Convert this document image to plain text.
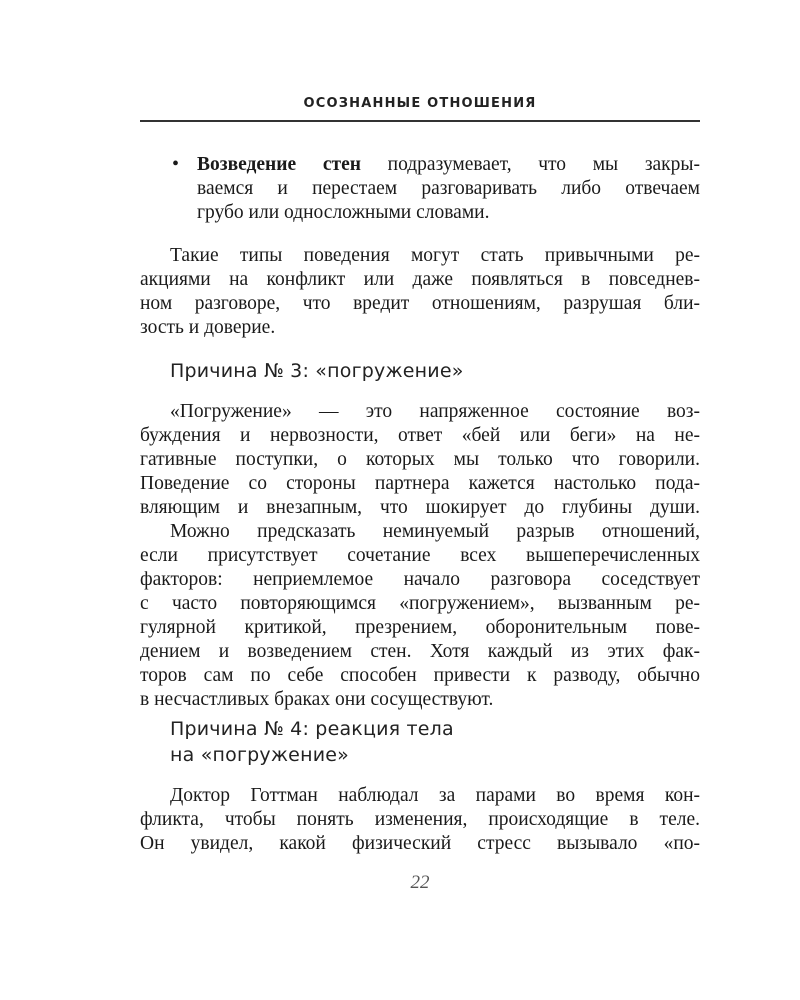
ОСОЗНАННЫЕ ОТНОШЕНИЯ
• Возведение стен подразумевает, что мы закры-
ваемся и перестаем разговаривать либо отвечаем
грубо или односложными словами.
Такие типы поведения могут стать привычными ре-
акциями на конфликт или даже появляться в повседнев-
ном разговоре, что вредит отношениям, разрушая бли-
зость и доверие.
Причина № 3: «погружение»
«Погружение» — это напряженное состояние воз-
буждения и нервозности, ответ «бей или беги» на не-
гативные поступки, о которых мы только что говорили.
Поведение со стороны партнера кажется настолько пода-
вляющим и внезапным, что шокирует до глубины души.
Можно предсказать неминуемый разрыв отношений,
если присутствует сочетание всех вышеперечисленных
факторов: неприемлемое начало разговора соседствует
с часто повторяющимся «погружением», вызванным ре-
гулярной критикой, презрением, оборонительным пове-
дением и возведением стен. Хотя каждый из этих фак-
торов сам по себе способен привести к разводу, обычно
в несчастливых браках они сосуществуют.
Причина № 4: реакция тела
на «погружение»
Доктор Готтман наблюдал за парами во время кон-
фликта, чтобы понять изменения, происходящие в теле.
Он увидел, какой физический стресс вызывало «по-
22
